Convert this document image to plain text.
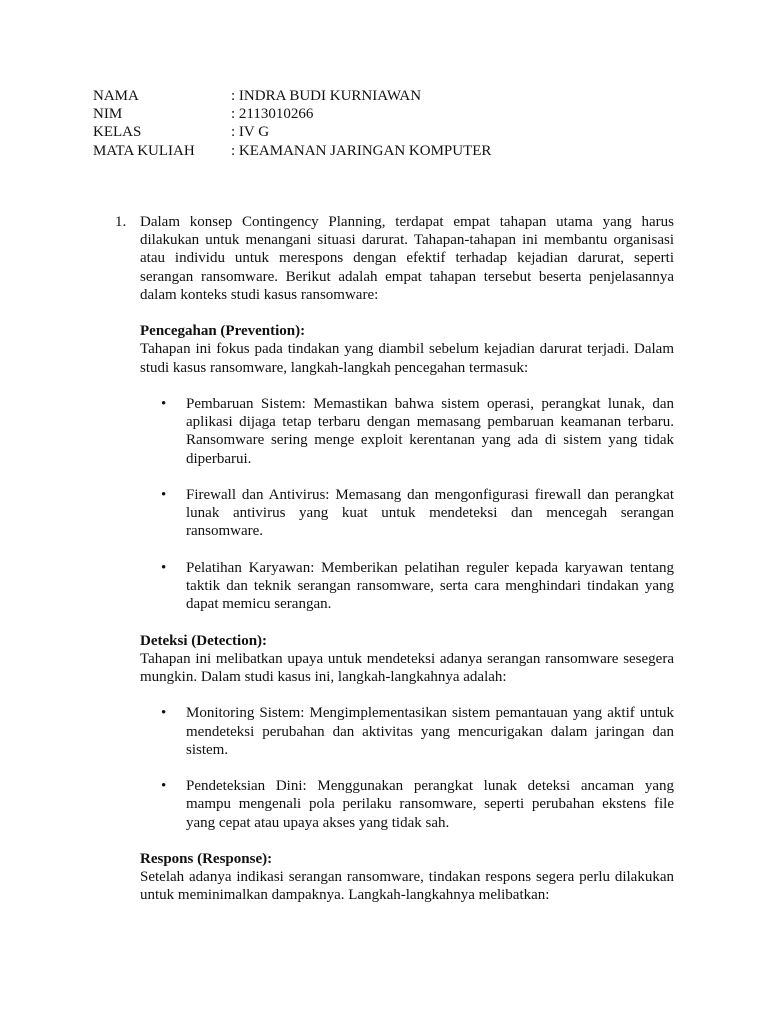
NAMA	: INDRA BUDI KURNIAWAN
NIM	: 2113010266
KELAS	: IV G
MATA KULIAH	: KEAMANAN JARINGAN KOMPUTER
1. Dalam konsep Contingency Planning, terdapat empat tahapan utama yang harus dilakukan untuk menangani situasi darurat. Tahapan-tahapan ini membantu organisasi atau individu untuk merespons dengan efektif terhadap kejadian darurat, seperti serangan ransomware. Berikut adalah empat tahapan tersebut beserta penjelasannya dalam konteks studi kasus ransomware:
Pencegahan (Prevention):
Tahapan ini fokus pada tindakan yang diambil sebelum kejadian darurat terjadi. Dalam studi kasus ransomware, langkah-langkah pencegahan termasuk:
•	Pembaruan Sistem: Memastikan bahwa sistem operasi, perangkat lunak, dan aplikasi dijaga tetap terbaru dengan memasang pembaruan keamanan terbaru. Ransomware sering menge exploit kerentanan yang ada di sistem yang tidak diperbarui.
•	Firewall dan Antivirus: Memasang dan mengonfigurasi firewall dan perangkat lunak antivirus yang kuat untuk mendeteksi dan mencegah serangan ransomware.
•	Pelatihan Karyawan: Memberikan pelatihan reguler kepada karyawan tentang taktik dan teknik serangan ransomware, serta cara menghindari tindakan yang dapat memicu serangan.
Deteksi (Detection):
Tahapan ini melibatkan upaya untuk mendeteksi adanya serangan ransomware sesegera mungkin. Dalam studi kasus ini, langkah-langkahnya adalah:
•	Monitoring Sistem: Mengimplementasikan sistem pemantauan yang aktif untuk mendeteksi perubahan dan aktivitas yang mencurigakan dalam jaringan dan sistem.
•	Pendeteksian Dini: Menggunakan perangkat lunak deteksi ancaman yang mampu mengenali pola perilaku ransomware, seperti perubahan ekstens file yang cepat atau upaya akses yang tidak sah.
Respons (Response):
Setelah adanya indikasi serangan ransomware, tindakan respons segera perlu dilakukan untuk meminimalkan dampaknya. Langkah-langkahnya melibatkan:
